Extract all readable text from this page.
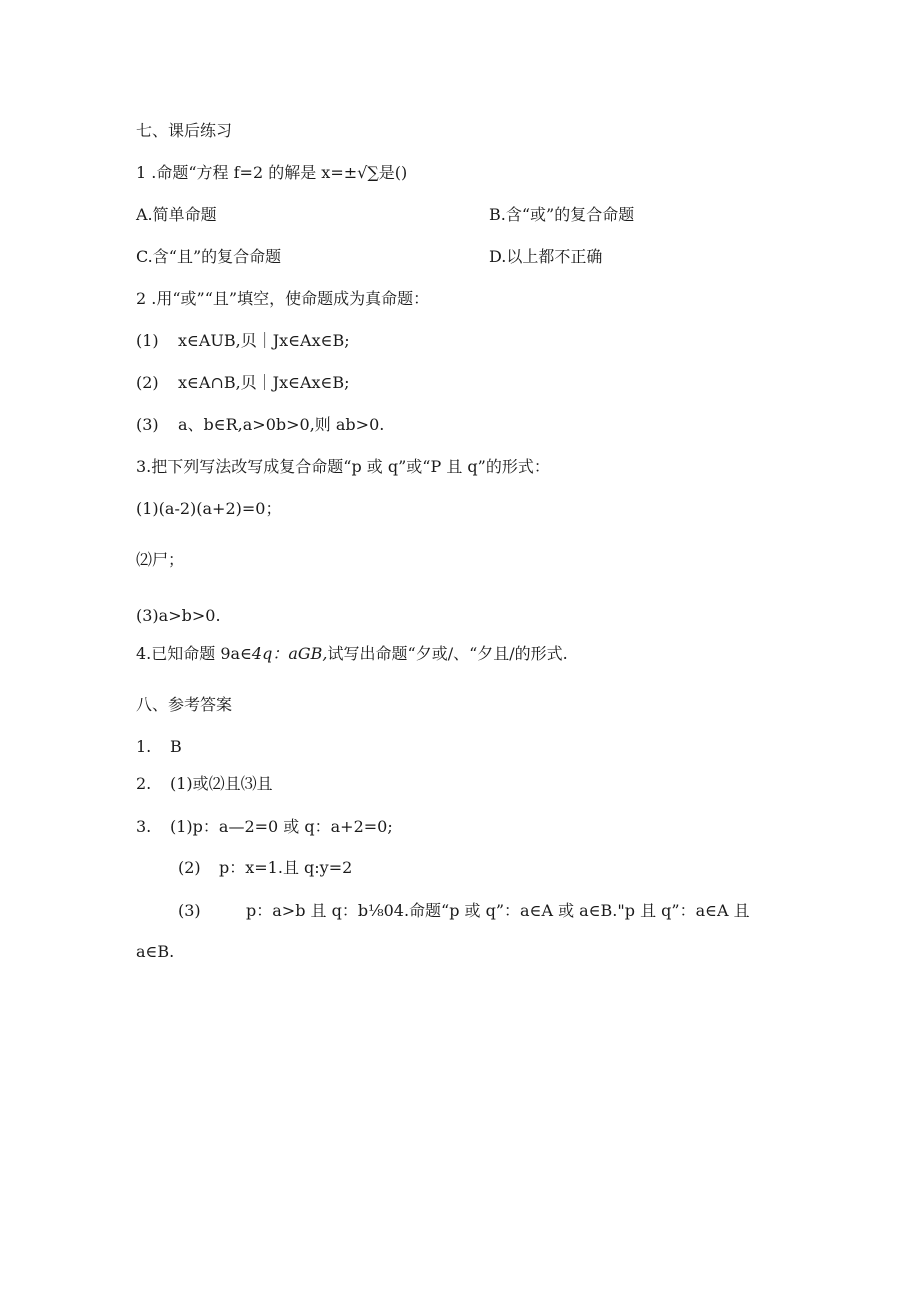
七、课后练习
1 .命题“方程 f=2 的解是 x=±√∑是()
A.简单命题	B.含“或”的复合命题
C.含“且”的复合命题	D.以上都不正确
2 .用“或”“且”填空，使命题成为真命题：
(1) x∈AUB,贝｜Jx∈Ax∈B;
(2) x∈A∩B,贝｜Jx∈Ax∈B;
(3) a、b∈R,a>0b>0,则 ab>0.
3.把下列写法改写成复合命题“p 或 q”或“P 且 q”的形式：
(1)(a-2)(a+2)=0；
⑵尸；
(3)a>b>0.
4.已知命题 9a∈4q：aGB,试写出命题“夕或/、“夕且/的形式.
八、参考答案
1. B
2. (1)或⑵且⑶且
3. (1)p：a—2=0 或 q：a+2=0;
(2) p：x=1.且 q:y=2
(3)	p：a>b 且 q：b⅛04.命题“p 或 q”：a∈A 或 a∈B."p 且 q”：a∈A 且
a∈B.
